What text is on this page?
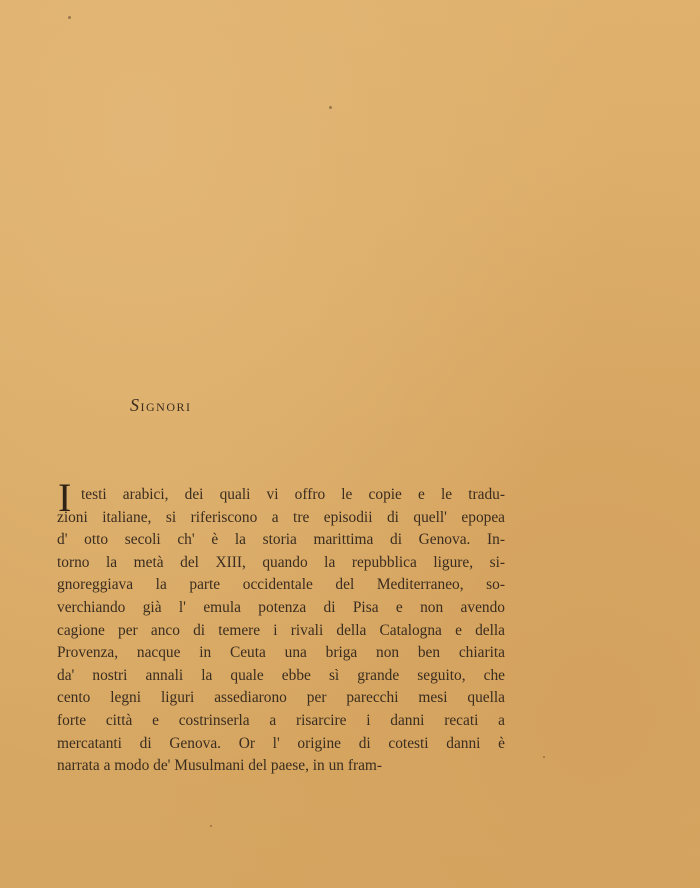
SIGNORI
I testi arabici, dei quali vi offro le copie e le tradu-
zioni italiane, si riferiscono a tre episodii di quell' epopea
d' otto secoli ch' è la storia marittima di Genova. In-
torno la metà del XIII, quando la repubblica ligure, si-
gnoreggiava la parte occidentale del Mediterraneo, so-
verchiando già l' emula potenza di Pisa e non avendo
cagione per anco di temere i rivali della Catalogna e della
Provenza, nacque in Ceuta una briga non ben chiarita
da' nostri annali la quale ebbe sì grande seguito, che
cento legni liguri assediarono per parecchi mesi quella
forte città e costrinserla a risarcire i danni recati a
mercatanti di Genova. Or l' origine di cotesti danni è
narrata a modo de' Musulmani del paese, in un fram-
